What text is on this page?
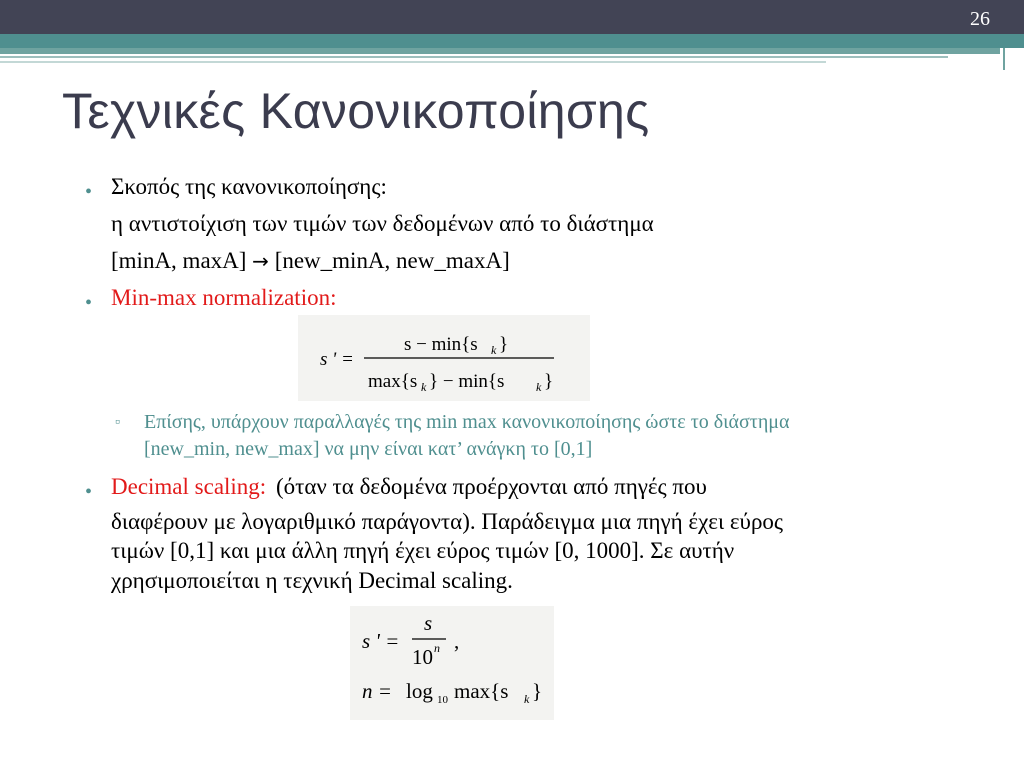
26
Τεχνικές Κανονικοποίησης
• Σκοπός της κανονικοποίησης:
η αντιστοίχιση των τιμών των δεδομένων από το διάστημα
[minA, maxA] → [new_minA, new_maxA]
• Min-max normalization:
s ' =
s − min{s k }
max{s k } − min{s	k }
▫ Επίσης, υπάρχουν παραλλαγές της min max κανονικοποίησης ώστε το διάστημα
[new_min, new_max] να μην είναι κατ’ ανάγκη το [0,1]
• Decimal scaling: (όταν τα δεδομένα προέρχονται από πηγές που
διαφέρουν με λογαριθμικό παράγοντα). Παράδειγμα μια πηγή έχει εύρος
τιμών [0,1] και μια άλλη πηγή έχει εύρος τιμών [0, 1000]. Σε αυτήν
χρησιμοποιείται η τεχνική Decimal scaling.
s ' =
s
10 n ,
n = log 10 max{s k }
